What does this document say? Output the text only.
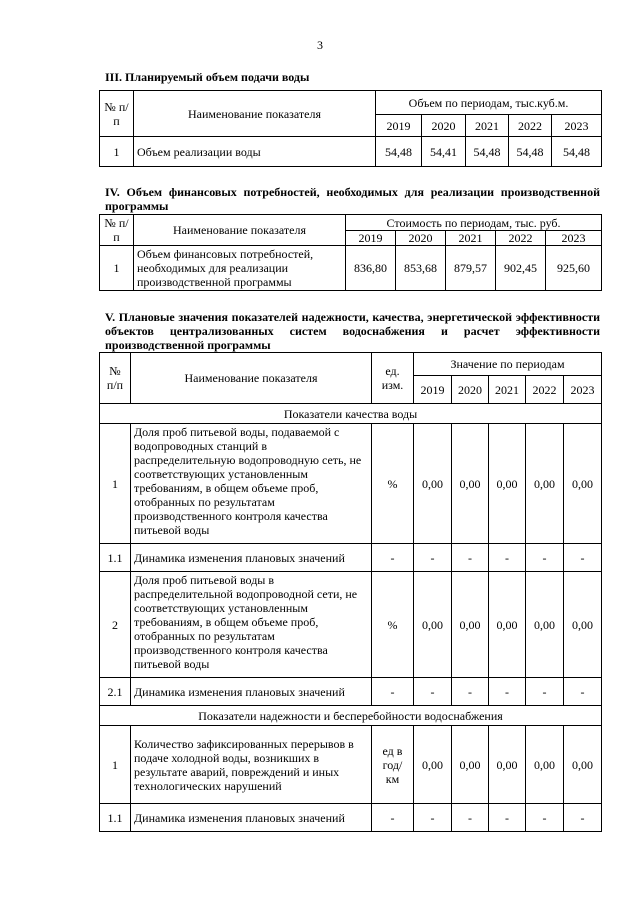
3
III. Планируемый объем подачи воды
№ п/п	Наименование показателя	Объем по периодам, тыс.куб.м.				
		2019	2020	2021	2022	2023
1	Объем реализации воды	54,48	54,41	54,48	54,48	54,48
IV. Объем финансовых потребностей, необходимых для реализации производственной программы
№ п/п	Наименование показателя	Стоимость по периодам, тыс. руб.				
		2019	2020	2021	2022	2023
1	Объем финансовых потребностей, необходимых для реализации производственной программы	836,80	853,68	879,57	902,45	925,60
V. Плановые значения показателей надежности, качества, энергетической эффективности объектов централизованных систем водоснабжения и расчет эффективности производственной программы
№ п/п	Наименование показателя	ед. изм.	Значение по периодам				
			2019	2020	2021	2022	2023
Показатели качества воды							
1	Доля проб питьевой воды, подаваемой с водопроводных станций в распределительную водопроводную сеть, не соответствующих установленным требованиям, в общем объеме проб, отобранных по результатам производственного контроля качества питьевой воды	%	0,00	0,00	0,00	0,00	0,00
1.1	Динамика изменения плановых значений	-	-	-	-	-	-
2	Доля проб питьевой воды в распределительной водопроводной сети, не соответствующих установленным требованиям, в общем объеме проб, отобранных по результатам производственного контроля качества питьевой воды	%	0,00	0,00	0,00	0,00	0,00
2.1	Динамика изменения плановых значений	-	-	-	-	-	-
Показатели надежности и бесперебойности водоснабжения							
1	Количество зафиксированных перерывов в подаче холодной воды, возникших в результате аварий, повреждений и иных технологических нарушений	ед в год/ км	0,00	0,00	0,00	0,00	0,00
1.1	Динамика изменения плановых значений	-	-	-	-	-	-
